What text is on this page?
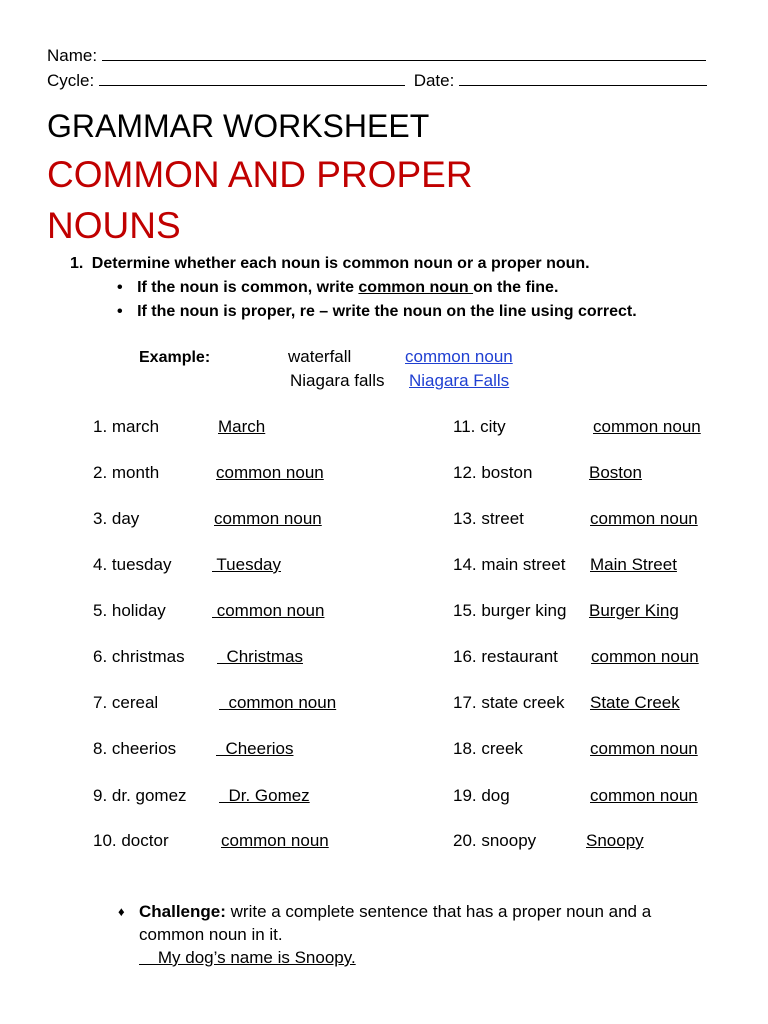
Name:
Cycle:	Date:
GRAMMAR WORKSHEET
COMMON AND PROPER
NOUNS
1. Determine whether each noun is common noun or a proper noun.
• If the noun is common, write common noun on the fine.
• If the noun is proper, re – write the noun on the line using correct.
Example:	waterfall	common noun
Niagara falls Niagara Falls
1. march	March
2. month	common noun
3. day	common noun
4. tuesday Tuesday
5. holiday	common noun
6. christmas Christmas
7. cereal	common noun
8. cheerios Cheerios
9. dr. gomez Dr. Gomez
10. doctor	common noun
11. city	common noun
12. boston	Boston
13. street	common noun
14. main street Main Street
15. burger king Burger King
16. restaurant common noun
17. state creek State Creek
18. creek	common noun
19. dog	common noun
20. snoopy	Snoopy
♦ Challenge: write a complete sentence that has a proper noun and a
common noun in it.
My dog’s name is Snoopy.
